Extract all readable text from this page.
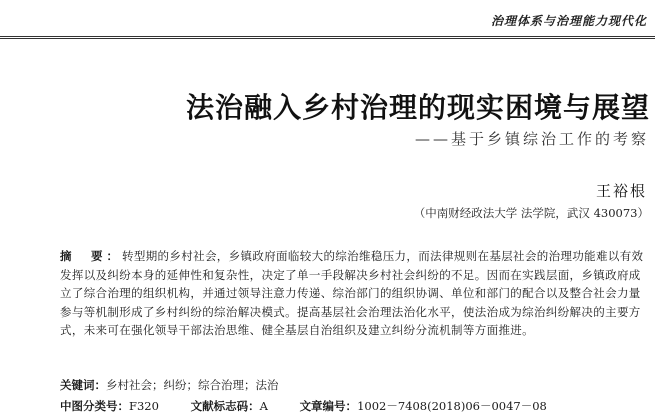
治理体系与治理能力现代化
法治融入乡村治理的现实困境与展望
——基于乡镇综治工作的考察
王裕根
（中南财经政法大学 法学院，武汉 430073）
摘　要：转型期的乡村社会，乡镇政府面临较大的综治维稳压力，而法律规则在基层社会的治理功能难以有效发挥以及纠纷本身的延伸性和复杂性，决定了单一手段解决乡村社会纠纷的不足。因而在实践层面，乡镇政府成立了综合治理的组织机构，并通过领导注意力传递、综治部门的组织协调、单位和部门的配合以及整合社会力量参与等机制形成了乡村纠纷的综治解决模式。提高基层社会治理法治化水平，使法治成为综治纠纷解决的主要方式，未来可在强化领导干部法治思维、健全基层自治组织及建立纠纷分流机制等方面推进。
关键词：乡村社会；纠纷；综合治理；法治
中图分类号：F320	文献标志码：A	文章编号：1002－7408(2018)06－0047－08
